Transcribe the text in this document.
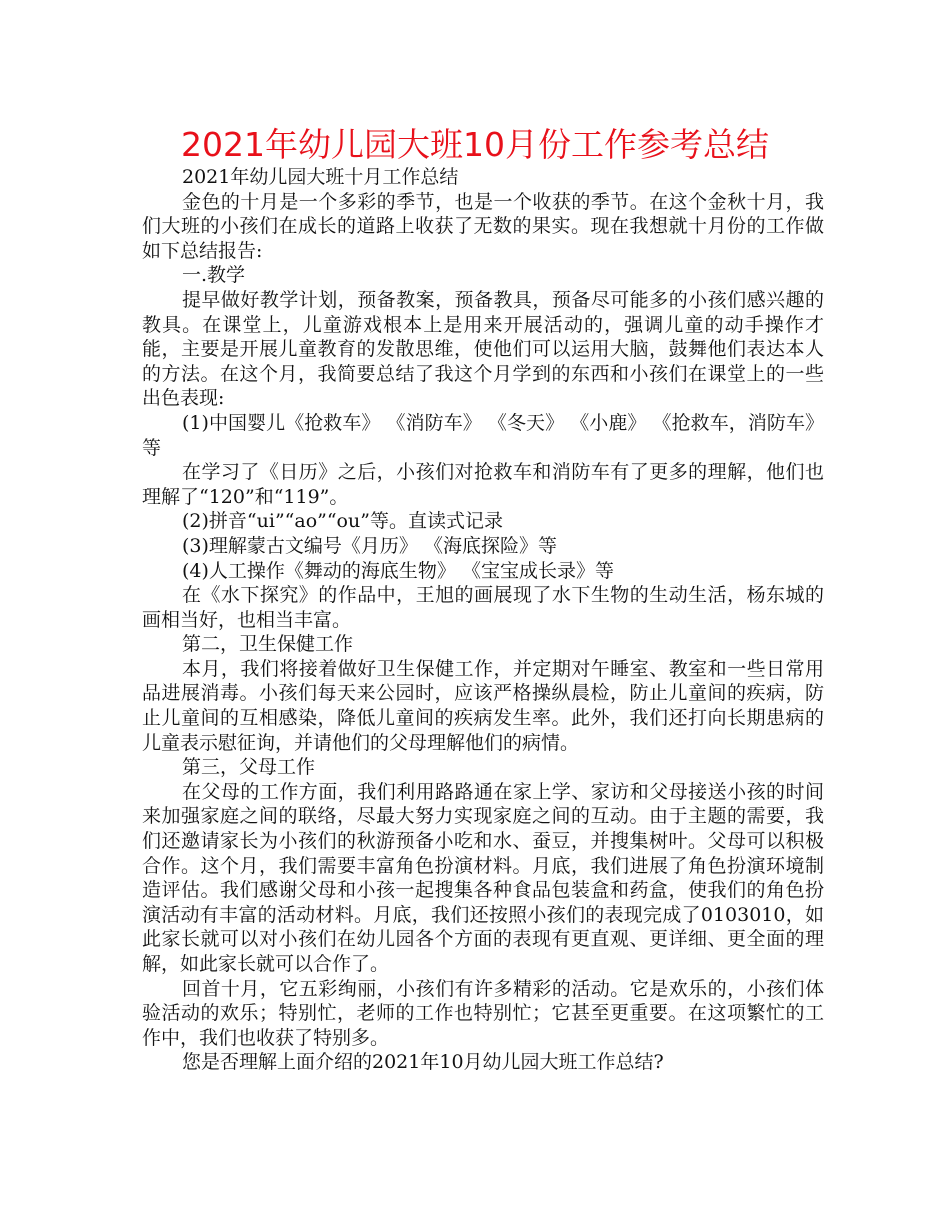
2021年幼儿园大班10月份工作参考总结

2021年幼儿园大班十月工作总结

金色的十月是一个多彩的季节，也是一个收获的季节。在这个金秋十月，我们大班的小孩们在成长的道路上收获了无数的果实。现在我想就十月份的工作做如下总结报告:

一.教学

提早做好教学计划，预备教案，预备教具，预备尽可能多的小孩们感兴趣的教具。在课堂上，儿童游戏根本上是用来开展活动的，强调儿童的动手操作才能，主要是开展儿童教育的发散思维，使他们可以运用大脑，鼓舞他们表达本人的方法。在这个月，我简要总结了我这个月学到的东西和小孩们在课堂上的一些出色表现:

(1)中国婴儿《抢救车》 《消防车》 《冬天》 《小鹿》 《抢救车，消防车》等

在学习了《日历》之后，小孩们对抢救车和消防车有了更多的理解，他们也理解了“120”和“119”。

(2)拼音“ui”“ao”“ou”等。直读式记录

(3)理解蒙古文编号《月历》 《海底探险》等

(4)人工操作《舞动的海底生物》 《宝宝成长录》等

在《水下探究》的作品中，王旭的画展现了水下生物的生动生活，杨东城的画相当好，也相当丰富。

第二，卫生保健工作

本月，我们将接着做好卫生保健工作，并定期对午睡室、教室和一些日常用品进展消毒。小孩们每天来公园时，应该严格操纵晨检，防止儿童间的疾病，防止儿童间的互相感染，降低儿童间的疾病发生率。此外，我们还打向长期患病的儿童表示慰征询，并请他们的父母理解他们的病情。

第三，父母工作

在父母的工作方面，我们利用路路通在家上学、家访和父母接送小孩的时间来加强家庭之间的联络，尽最大努力实现家庭之间的互动。由于主题的需要，我们还邀请家长为小孩们的秋游预备小吃和水、蚕豆，并搜集树叶。父母可以积极合作。这个月，我们需要丰富角色扮演材料。月底，我们进展了角色扮演环境制造评估。我们感谢父母和小孩一起搜集各种食品包装盒和药盒，使我们的角色扮演活动有丰富的活动材料。月底，我们还按照小孩们的表现完成了0103010，如此家长就可以对小孩们在幼儿园各个方面的表现有更直观、更详细、更全面的理解，如此家长就可以合作了。

回首十月，它五彩绚丽，小孩们有许多精彩的活动。它是欢乐的，小孩们体验活动的欢乐；特别忙，老师的工作也特别忙；它甚至更重要。在这项繁忙的工作中，我们也收获了特别多。

您是否理解上面介绍的2021年10月幼儿园大班工作总结?
